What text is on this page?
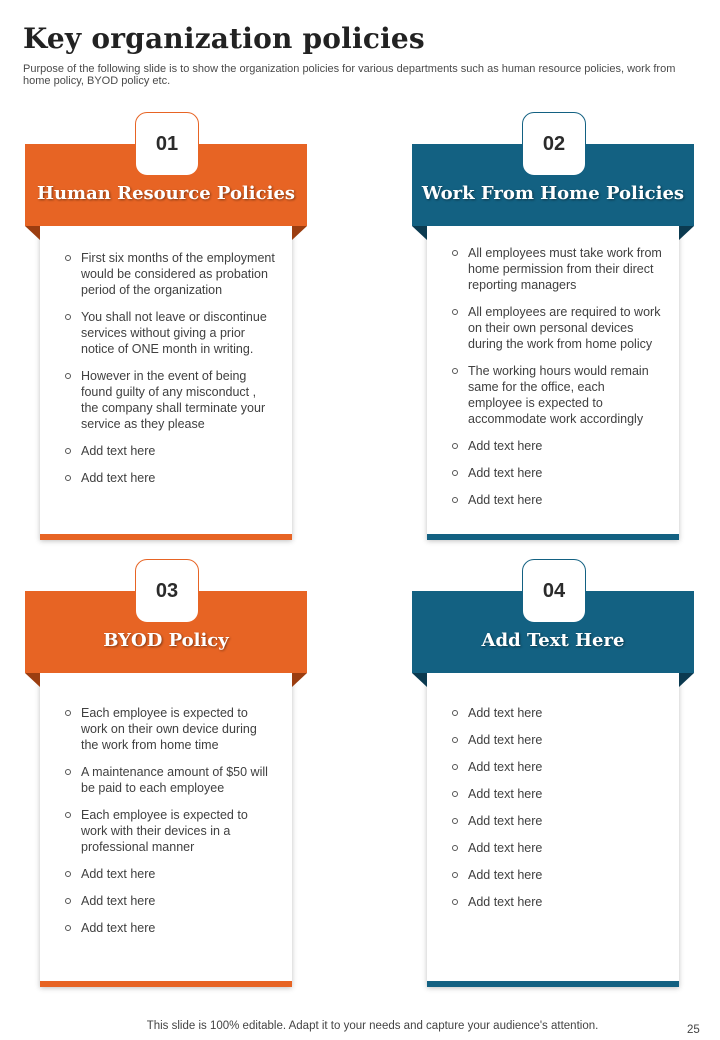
Key organization policies
Purpose of the following slide is to show the organization policies for various departments such as human resource policies, work from home policy, BYOD policy etc.
Human Resource Policies
01
First six months of the employment would be considered as probation period of the organization
You shall not leave or discontinue services without giving a prior notice of ONE month in writing.
However in the event of being found guilty of any misconduct , the company shall terminate your service as they please
Add text here
Add text here
Work From Home Policies
02
All employees must take work from home permission from their direct reporting managers
All employees are required to work on their own personal devices during the work from home policy
The working hours would remain same for the office, each employee is expected to accommodate work accordingly
Add text here
Add text here
Add text here
BYOD Policy
03
Each employee is expected to work on their own device during the work from home time
A maintenance amount of $50 will be paid to each employee
Each employee is expected to work with their devices in a professional manner
Add text here
Add text here
Add text here
Add Text Here
04
Add text here
Add text here
Add text here
Add text here
Add text here
Add text here
Add text here
Add text here
This slide is 100% editable. Adapt it to your needs and capture your audience's attention.	25
